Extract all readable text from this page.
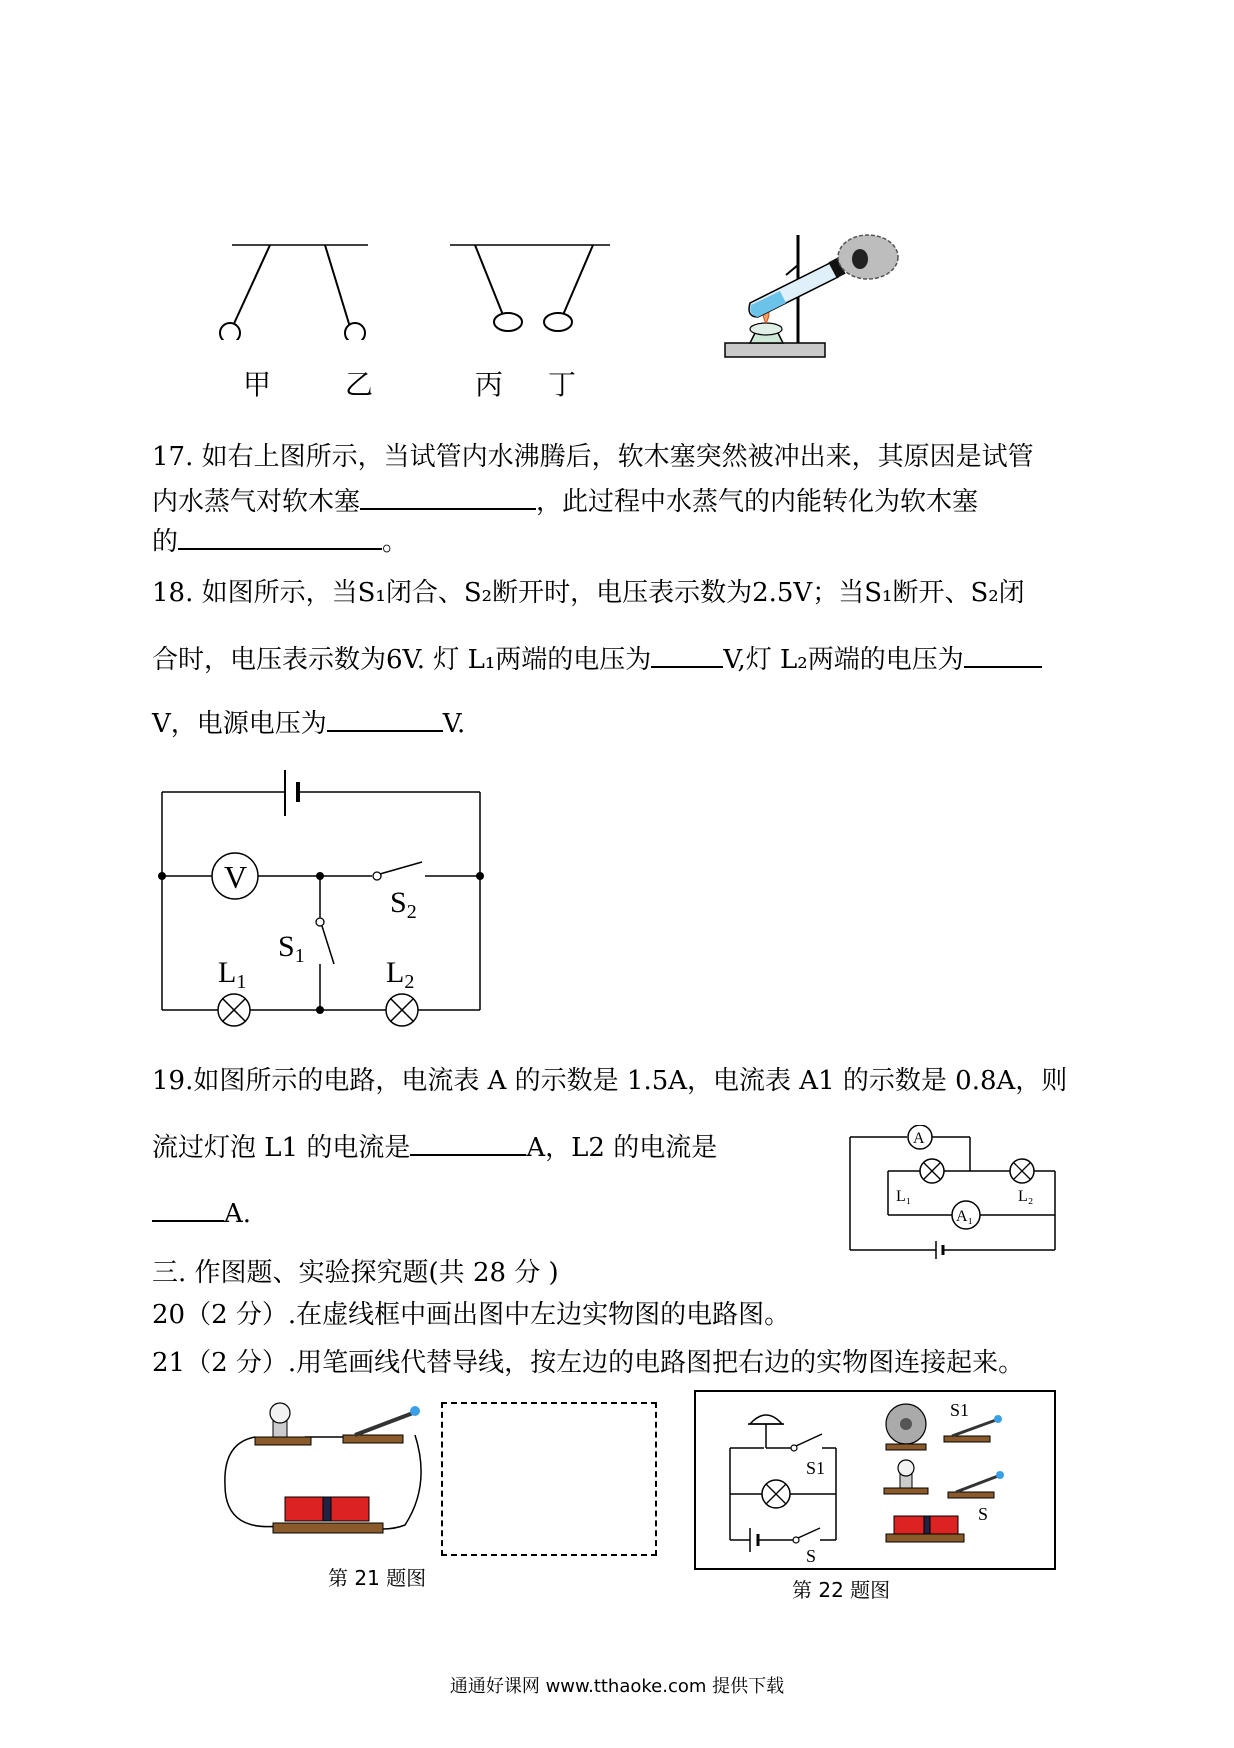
甲	乙	丙 丁
17. 如右上图所示，当试管内水沸腾后，软木塞突然被冲出来，其原因是试管
内水蒸气对软木塞	，此过程中水蒸气的内能转化为软木塞
的	。
18. 如图所示，当S₁闭合、S₂断开时，电压表示数为2.5V；当S₁断开、S₂闭
合时，电压表示数为6V. 灯 L₁两端的电压为	V,灯 L₂两端的电压为
V，电源电压为	V.
V
$S_2$
$S_1$
$L_1$	$L_2$
19.如图所示的电路，电流表 A 的示数是 1.5A，电流表 A1 的示数是 0.8A，则
流过灯泡 L1 的电流是	A，L2 的电流是
A.
A
A₁
L₁	L₂
三. 作图题、实验探究题(共 28 分 )
20（2 分）.在虚线框中画出图中左边实物图的电路图。
21（2 分）.用笔画线代替导线，按左边的电路图把右边的实物图连接起来。
第 21 题图
S1
S
S1
S
第 22 题图
通通好课网 www.tthaoke.com 提供下载
